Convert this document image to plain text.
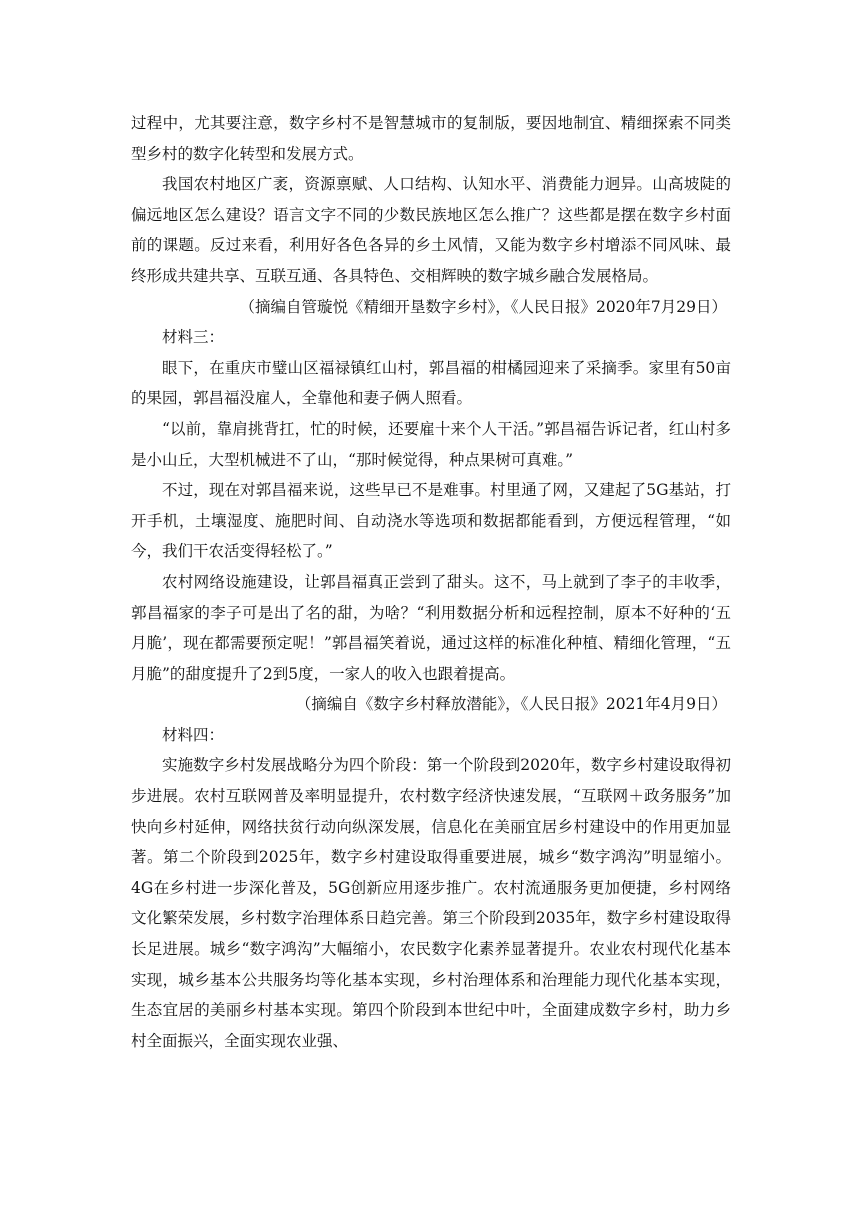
过程中，尤其要注意，数字乡村不是智慧城市的复制版，要因地制宜、精细探索不同类型乡村的数字化转型和发展方式。

我国农村地区广袤，资源禀赋、人口结构、认知水平、消费能力迥异。山高坡陡的偏远地区怎么建设？语言文字不同的少数民族地区怎么推广？这些都是摆在数字乡村面前的课题。反过来看，利用好各色各异的乡土风情，又能为数字乡村增添不同风味、最终形成共建共享、互联互通、各具特色、交相辉映的数字城乡融合发展格局。

（摘编自管璇悦《精细开垦数字乡村》，《人民日报》2020年7月29日）

材料三：

眼下，在重庆市璧山区福禄镇红山村，郭昌福的柑橘园迎来了采摘季。家里有50亩的果园，郭昌福没雇人，全靠他和妻子俩人照看。

“以前，靠肩挑背扛，忙的时候，还要雇十来个人干活。”郭昌福告诉记者，红山村多是小山丘，大型机械进不了山，“那时候觉得，种点果树可真难。”

不过，现在对郭昌福来说，这些早已不是难事。村里通了网，又建起了5G基站，打开手机，土壤湿度、施肥时间、自动浇水等选项和数据都能看到，方便远程管理，“如今，我们干农活变得轻松了。”

农村网络设施建设，让郭昌福真正尝到了甜头。这不，马上就到了李子的丰收季，郭昌福家的李子可是出了名的甜，为啥？“利用数据分析和远程控制，原本不好种的‘五月脆’，现在都需要预定呢！”郭昌福笑着说，通过这样的标准化种植、精细化管理，“五月脆”的甜度提升了2到5度，一家人的收入也跟着提高。

（摘编自《数字乡村释放潜能》，《人民日报》2021年4月9日）

材料四：

实施数字乡村发展战略分为四个阶段：第一个阶段到2020年，数字乡村建设取得初步进展。农村互联网普及率明显提升，农村数字经济快速发展，“互联网＋政务服务”加快向乡村延伸，网络扶贫行动向纵深发展，信息化在美丽宜居乡村建设中的作用更加显著。第二个阶段到2025年，数字乡村建设取得重要进展，城乡“数字鸿沟”明显缩小。4G在乡村进一步深化普及，5G创新应用逐步推广。农村流通服务更加便捷，乡村网络文化繁荣发展，乡村数字治理体系日趋完善。第三个阶段到2035年，数字乡村建设取得长足进展。城乡“数字鸿沟”大幅缩小，农民数字化素养显著提升。农业农村现代化基本实现，城乡基本公共服务均等化基本实现，乡村治理体系和治理能力现代化基本实现，生态宜居的美丽乡村基本实现。第四个阶段到本世纪中叶，全面建成数字乡村，助力乡村全面振兴，全面实现农业强、
